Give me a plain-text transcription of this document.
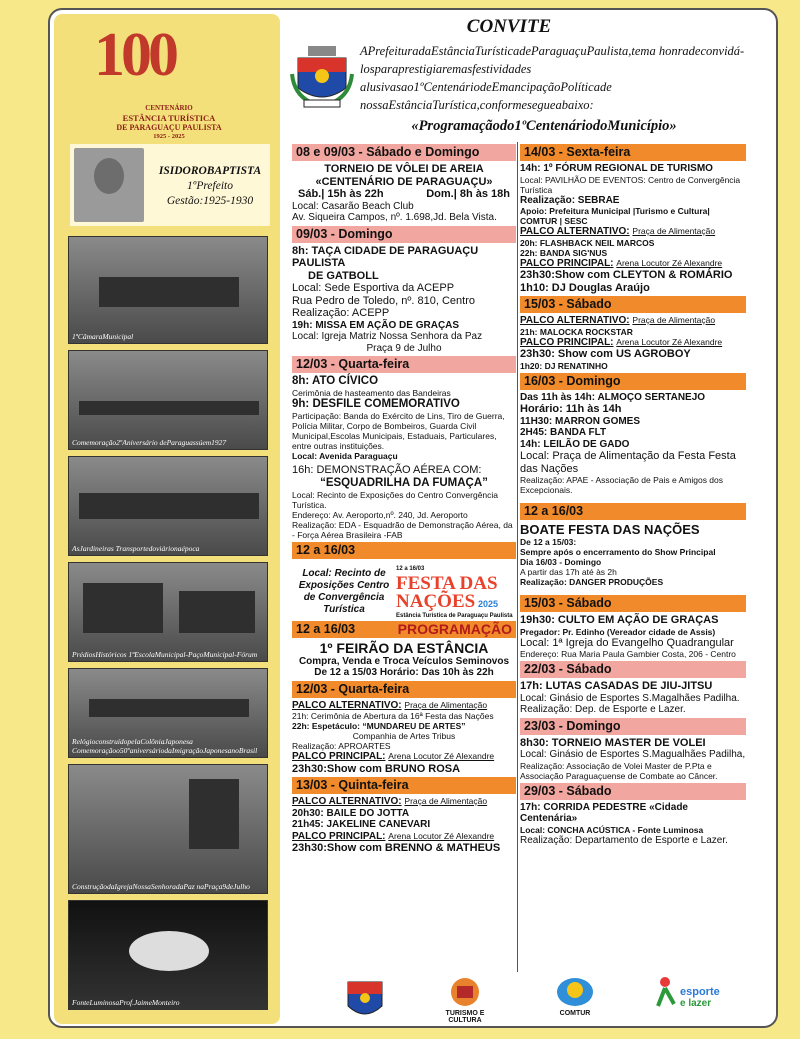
100
CENTENÁRIO
ESTÂNCIA TURÍSTICA
DE PARAGUAÇU PAULISTA
1925 - 2025
ISIDOROBAPTISTA
1ºPrefeito
Gestão:1925-1930
1ªCâmaraMunicipal
Comemoração2ºAniversário deParaguassúem1927
AsJardineiras Transportedoviárionaépoca
PrédiosHistóricos 1ªEscolaMunicipal-PaçoMunicipal-Fórum
RelógioconstruídopelaColôniaJaponesa Comemoraçãoo50ºaniversáriodaImigraçãoJaponesanoBrasil
ConstruçãodaIgrejaNossaSenhoradaPaz naPraça9deJulho
FonteLuminosaProf.JaimeMonteiro
CONVITE
APrefeituradaEstânciaTurísticadeParaguaçuPaulista,tema honradeconvidá-losparaprestigiaremasfestividades alusivasao1ºCentenáriodeEmancipaçãoPolíticade nossaEstânciaTurística,conformesegueabaixo:
«Programaçãodo1ºCentenáriodoMunicípio»
08 e 09/03 - Sábado e Domingo
TORNEIO DE VÔLEI DE AREIA
«CENTENÁRIO DE PARAGUAÇU»
Sáb.| 15h às 22h	Dom.| 8h às 18h
Local: Casarão Beach Club
Av. Siqueira Campos, nº. 1.698,Jd. Bela Vista.
09/03 - Domingo
8h: TAÇA CIDADE DE PARAGUAÇU PAULISTA
DE GATBOLL
Local: Sede Esportiva da ACEPP
Rua Pedro de Toledo, nº. 810, Centro
Realização: ACEPP
19h: MISSA EM AÇÃO DE GRAÇAS
Local: Igreja Matriz Nossa Senhora da Paz
Praça 9 de Julho
12/03 - Quarta-feira
8h: ATO CÍVICO
Cerimônia de hasteamento das Bandeiras
9h: DESFILE COMEMORATIVO
Participação: Banda do Exército de Lins, Tiro de Guerra, Polícia Militar, Corpo de Bombeiros, Guarda Civil Municipal,Escolas Municipais, Estaduais, Particulares, entre outras instituições.
Local: Avenida Paraguaçu
16h: DEMONSTRAÇÃO AÉREA COM:
“ESQUADRILHA DA FUMAÇA”
Local: Recinto de Exposições do Centro Convergência Turística.
Endereço: Av. Aeroporto,nº. 240, Jd. Aeroporto
Realização: EDA - Esquadrão de Demonstração Aérea, da - Força Aérea Brasileira -FAB
12 a 16/03
Local: Recinto de Exposições Centro de Convergência Turística
12 a 16/03
FESTA DAS
NAÇÕES 2025
Estância Turística de Paraguaçu Paulista
12 a 16/03	PROGRAMAÇÃO
1º FEIRÃO DA ESTÂNCIA
Compra, Venda e Troca Veículos Seminovos
De 12 a 15/03 Horário: Das 10h às 22h
12/03 - Quarta-feira
PALCO ALTERNATIVO: Praça de Alimentação
21h: Cerimônia de Abertura da 16ª Festa das Nações
22h: Espetáculo: “MUNDAREU DE ARTES”
Companhia de Artes Tribus
Realização: APROARTES
PALCO PRINCIPAL: Arena Locutor Zé Alexandre
23h30:Show com BRUNO ROSA
13/03 - Quinta-feira
PALCO ALTERNATIVO: Praça de Alimentação
20h30: BAILE DO JOTTA
21h45: JAKELINE CANEVARI
PALCO PRINCIPAL: Arena Locutor Zé Alexandre
23h30:Show com BRENNO & MATHEUS
14/03 - Sexta-feira
14h: 1º FÓRUM REGIONAL DE TURISMO
Local: PAVILHÃO DE EVENTOS: Centro de Convergência Turística
Realização: SEBRAE
Apoio: Prefeitura Municipal |Turismo e Cultura| COMTUR | SESC
PALCO ALTERNATIVO: Praça de Alimentação
20h: FLASHBACK NEIL MARCOS
22h: BANDA SIG'NUS
PALCO PRINCIPAL: Arena Locutor Zé Alexandre
23h30:Show com CLEYTON & ROMÁRIO
1h10: DJ Douglas Araújo
15/03 - Sábado
PALCO ALTERNATIVO: Praça de Alimentação
21h: MALOCKA ROCKSTAR
PALCO PRINCIPAL: Arena Locutor Zé Alexandre
23h30: Show com US AGROBOY
1h20: DJ RENATINHO
16/03 - Domingo
Das 11h às 14h: ALMOÇO SERTANEJO
Horário: 11h às 14h
11H30: MARRON GOMES
2H45: BANDA FLT
14h: LEILÃO DE GADO
Local: Praça de Alimentação da Festa Festa das Nações
Realização: APAE - Associação de Pais e Amigos dos Excepcionais.
12 a 16/03
BOATE FESTA DAS NAÇÕES
De 12 a 15/03:
Sempre após o encerramento do Show Principal
Dia 16/03 - Domingo
A partir das 17h até às 2h
Realização: DANGER PRODUÇÕES
15/03 - Sábado
19h30: CULTO EM AÇÃO DE GRAÇAS
Pregador: Pr. Edinho (Vereador cidade de Assis)
Local: 1ª Igreja do Evangelho Quadrangular
Endereço: Rua Maria Paula Gambier Costa, 206 - Centro
22/03 - Sábado
17h: LUTAS CASADAS DE JIU-JITSU
Local: Ginásio de Esportes S.Magalhães Padilha.
Realização: Dep. de Esporte e Lazer.
23/03 - Domingo
8h30: TORNEIO MASTER DE VOLEI
Local: Ginásio de Esportes S.Magualhães Padilha,
Realização: Associação de Volei Master de P.Pta e Associação Paraguaçuense de Combate ao Câncer.
29/03 - Sábado
17h: CORRIDA PEDESTRE «Cidade Centenária»
Local: CONCHA ACÚSTICA - Fonte Luminosa
Realização: Departamento de Esporte e Lazer.
TURISMO E CULTURA
COMTUR
esporte
e lazer
